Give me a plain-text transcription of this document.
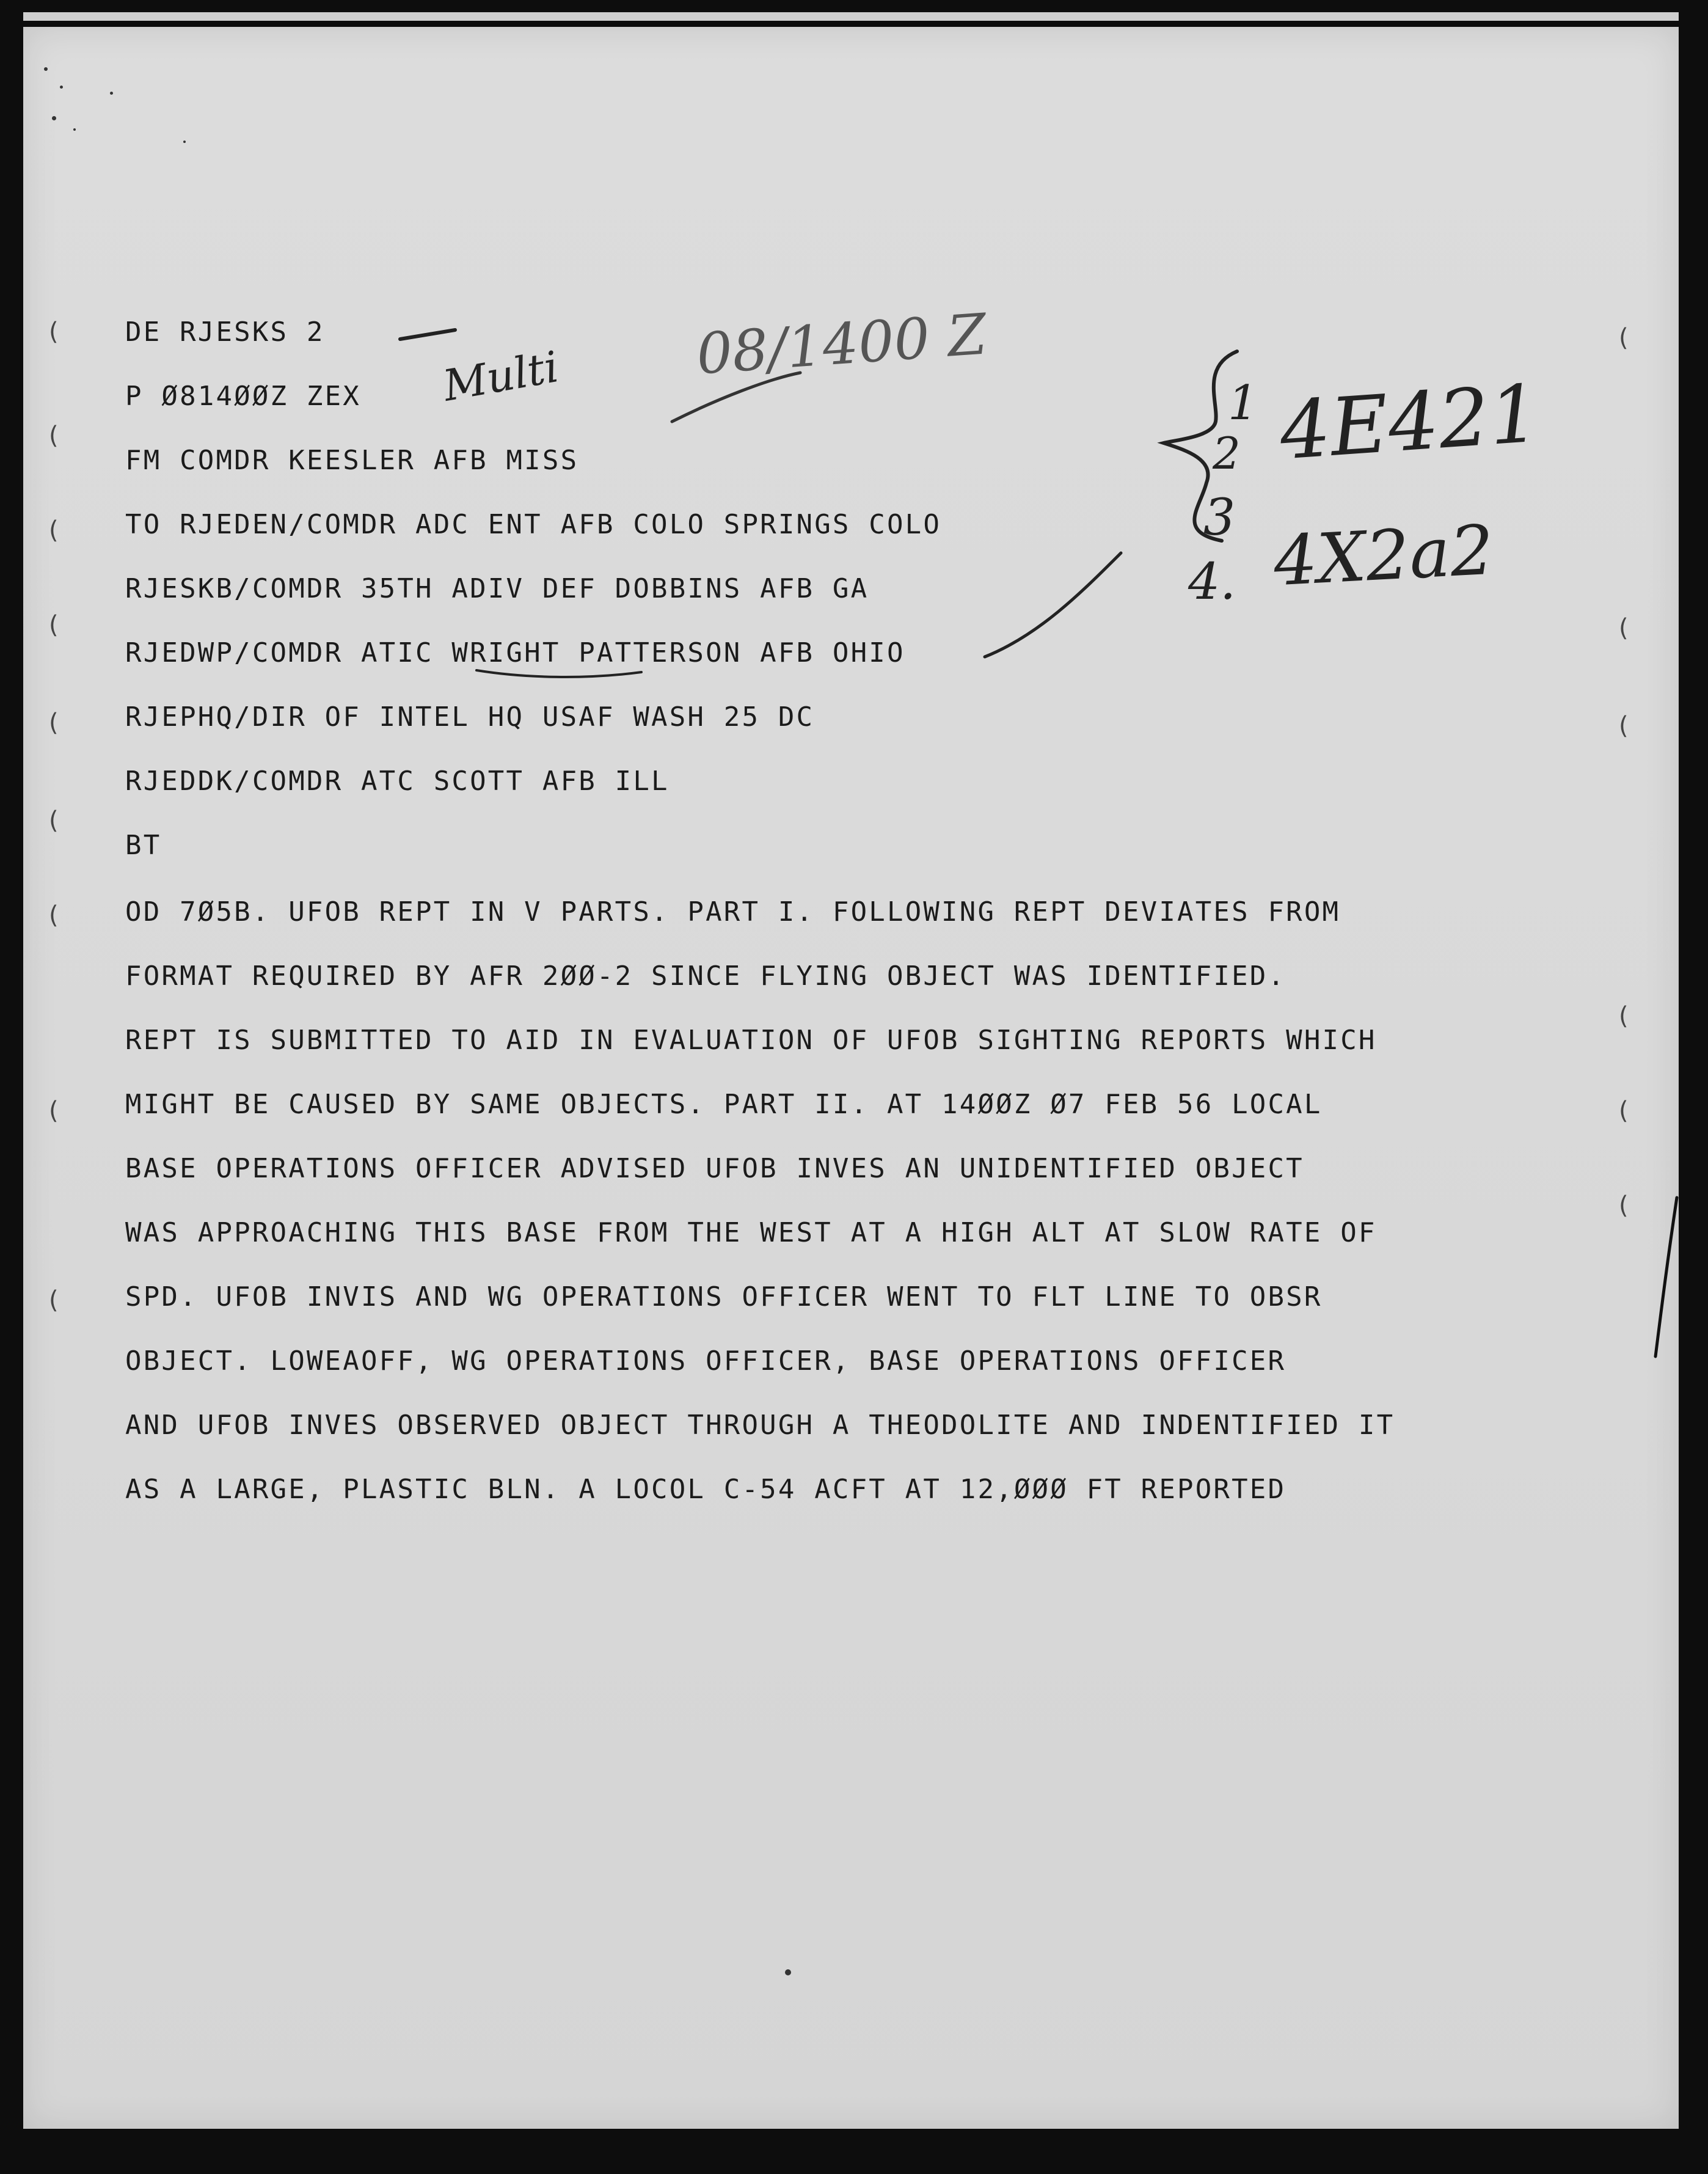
(
(
(
(
(
(
(
(
(
(
(
(
(
(
(

DE RJESKS 2

P Ø814ØØZ ZEX

FM COMDR KEESLER AFB MISS

TO RJEDEN/COMDR ADC ENT AFB COLO SPRINGS COLO

RJESKB/COMDR 35TH ADIV DEF DOBBINS AFB GA

RJEDWP/COMDR ATIC WRIGHT PATTERSON AFB OHIO

RJEPHQ/DIR OF INTEL HQ USAF WASH 25 DC

RJEDDK/COMDR ATC SCOTT AFB ILL

BT

OD 7Ø5B. UFOB REPT IN V PARTS. PART I. FOLLOWING REPT DEVIATES FROM

FORMAT REQUIRED BY AFR 2ØØ-2 SINCE FLYING OBJECT WAS IDENTIFIED.

REPT IS SUBMITTED TO AID IN EVALUATION OF UFOB SIGHTING REPORTS WHICH

MIGHT BE CAUSED BY SAME OBJECTS. PART II. AT 14ØØZ Ø7 FEB 56 LOCAL

BASE OPERATIONS OFFICER ADVISED UFOB INVES AN UNIDENTIFIED OBJECT

WAS APPROACHING THIS BASE FROM THE WEST AT A HIGH ALT AT SLOW RATE OF

SPD. UFOB INVIS AND WG OPERATIONS OFFICER WENT TO FLT LINE TO OBSR

OBJECT. LOWEAOFF, WG OPERATIONS OFFICER, BASE OPERATIONS OFFICER

AND UFOB INVES OBSERVED OBJECT THROUGH A THEODOLITE AND INDENTIFIED IT

AS A LARGE, PLASTIC BLN. A LOCOL C-54 ACFT AT 12,ØØØ FT REPORTED

Multi 08/1400 Z
1
2
3
4.
4E421
4X2a2
